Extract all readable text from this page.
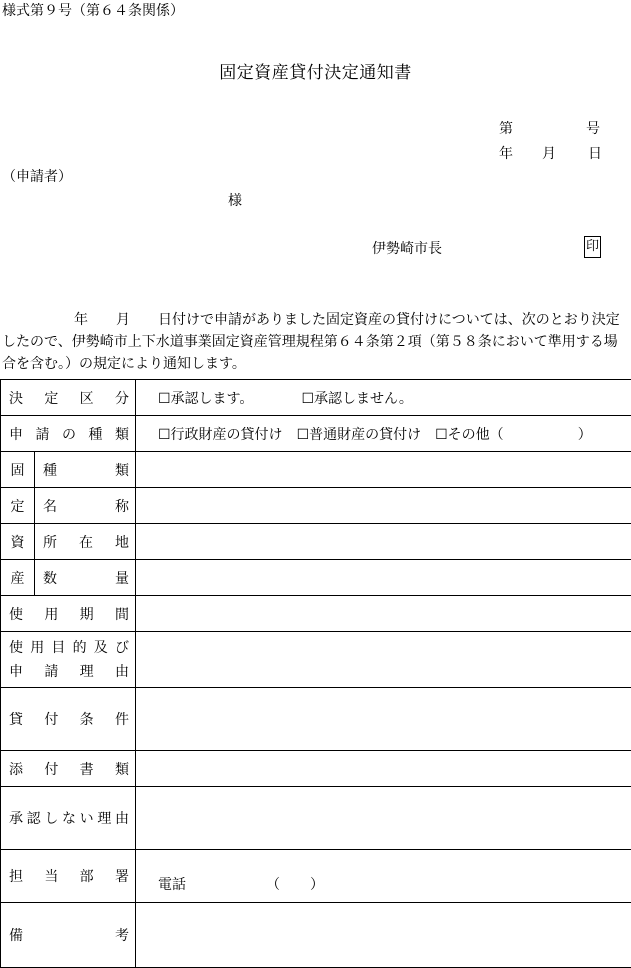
様式第９号（第６４条関係）
固定資産貸付決定通知書
第	号
年 月 日
（申請者）
様
伊勢崎市長	印

年　　月　　日付けで申請がありました固定資産の貸付けについては、次のとおり決定

したので、伊勢崎市上下水道事業固定資産管理規程第６４条第２項（第５８条において準用する場

合を含む。）の規定により通知します。

決定区分		☐承認します。 ☐承認しません。

申請の種類		☐行政財産の貸付け ☐普通財産の貸付け ☐その他（ ）

固	種類	
定	名称	
資	所在地	
産	数量	
使用期間		

使用目的及び
申請理由		

貸付条件		
添付書類		
承認しない理由		
担当部署		電話 （ ）

備考		
